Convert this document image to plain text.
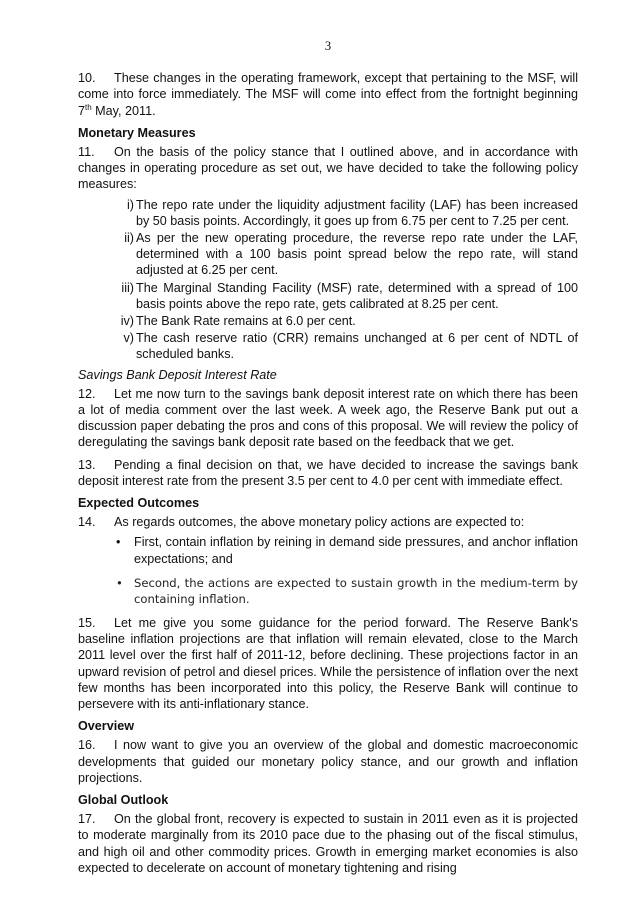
3

10. These changes in the operating framework, except that pertaining to the MSF, will come into force immediately. The MSF will come into effect from the fortnight beginning 7th May, 2011.

Monetary Measures

11. On the basis of the policy stance that I outlined above, and in accordance with changes in operating procedure as set out, we have decided to take the following policy measures:

i) The repo rate under the liquidity adjustment facility (LAF) has been increased by 50 basis points. Accordingly, it goes up from 6.75 per cent to 7.25 per cent.
ii) As per the new operating procedure, the reverse repo rate under the LAF, determined with a 100 basis point spread below the repo rate, will stand adjusted at 6.25 per cent.
iii) The Marginal Standing Facility (MSF) rate, determined with a spread of 100 basis points above the repo rate, gets calibrated at 8.25 per cent.
iv) The Bank Rate remains at 6.0 per cent.
v) The cash reserve ratio (CRR) remains unchanged at 6 per cent of NDTL of scheduled banks.
Savings Bank Deposit Interest Rate

12. Let me now turn to the savings bank deposit interest rate on which there has been a lot of media comment over the last week. A week ago, the Reserve Bank put out a discussion paper debating the pros and cons of this proposal. We will review the policy of deregulating the savings bank deposit rate based on the feedback that we get.

13. Pending a final decision on that, we have decided to increase the savings bank deposit interest rate from the present 3.5 per cent to 4.0 per cent with immediate effect.

Expected Outcomes

14. As regards outcomes, the above monetary policy actions are expected to:

• First, contain inflation by reining in demand side pressures, and anchor inflation expectations; and
• Second, the actions are expected to sustain growth in the medium-term by containing inflation.

15. Let me give you some guidance for the period forward. The Reserve Bank's baseline inflation projections are that inflation will remain elevated, close to the March 2011 level over the first half of 2011-12, before declining. These projections factor in an upward revision of petrol and diesel prices. While the persistence of inflation over the next few months has been incorporated into this policy, the Reserve Bank will continue to persevere with its anti-inflationary stance.

Overview

16. I now want to give you an overview of the global and domestic macroeconomic developments that guided our monetary policy stance, and our growth and inflation projections.

Global Outlook

17. On the global front, recovery is expected to sustain in 2011 even as it is projected to moderate marginally from its 2010 pace due to the phasing out of the fiscal stimulus, and high oil and other commodity prices. Growth in emerging market economies is also expected to decelerate on account of monetary tightening and rising
